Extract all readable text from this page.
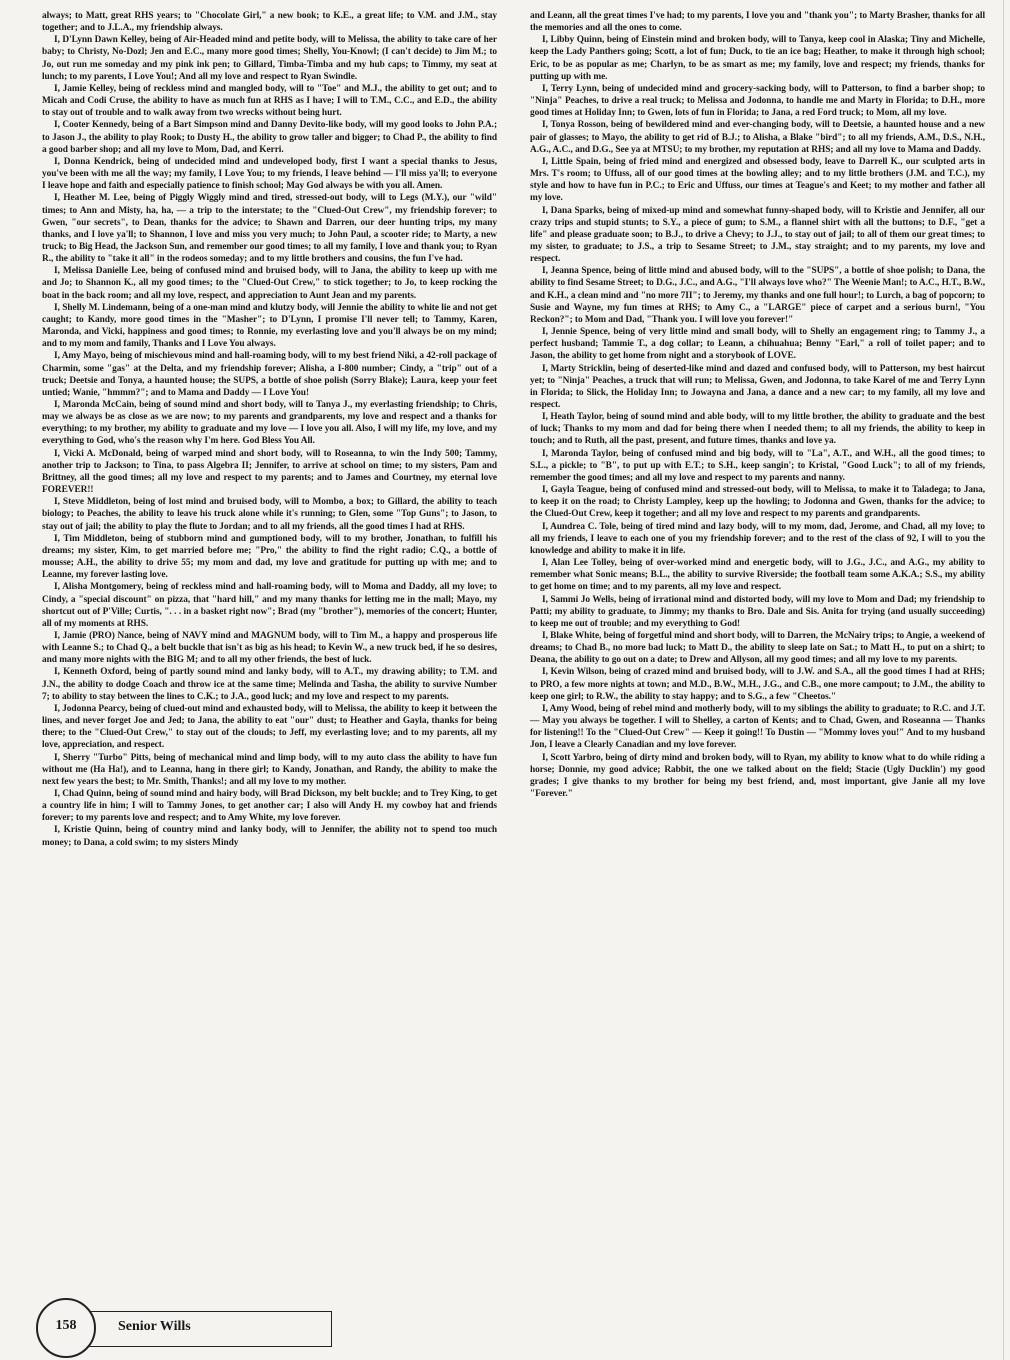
always; to Matt, great RHS years; to "Chocolate Girl," a new book; to K.E., a great life; to V.M. and J.M., stay together; and to J.L.A., my friendship always.

I, D'Lynn Dawn Kelley, being of Air-Headed mind and petite body, will to Melissa, the ability to take care of her baby; to Christy, No-Dozl; Jen and E.C., many more good times; Shelly, You-Knowl; (I can't decide) to Jim M.; to Jo, out run me someday and my pink ink pen; to Gillard, Timba-Timba and my hub caps; to Timmy, my seat at lunch; to my parents, I Love You!; And all my love and respect to Ryan Swindle.

I, Jamie Kelley, being of reckless mind and mangled body, will to "Toe" and M.J., the ability to get out; and to Micah and Codi Cruse, the ability to have as much fun at RHS as I have; I will to T.M., C.C., and E.D., the ability to stay out of trouble and to walk away from two wrecks without being hurt.

I, Cooter Kennedy, being of a Bart Simpson mind and Danny Devito-like body, will my good looks to John P.A.; to Jason J., the ability to play Rook; to Dusty H., the ability to grow taller and bigger; to Chad P., the ability to find a good barber shop; and all my love to Mom, Dad, and Kerri.

I, Donna Kendrick, being of undecided mind and undeveloped body, first I want a special thanks to Jesus, you've been with me all the way; my family, I Love You; to my friends, I leave behind — I'll miss ya'll; to everyone I leave hope and faith and especially patience to finish school; May God always be with you all. Amen.

I, Heather M. Lee, being of Piggly Wiggly mind and tired, stressed-out body, will to Legs (M.Y.), our "wild" times; to Ann and Misty, ha, ha, — a trip to the interstate; to the "Clued-Out Crew", my friendship forever; to Gwen, "our secrets", to Dean, thanks for the advice; to Shawn and Darren, our deer hunting trips, my many thanks, and I love ya'll; to Shannon, I love and miss you very much; to John Paul, a scooter ride; to Marty, a new truck; to Big Head, the Jackson Sun, and remember our good times; to all my family, I love and thank you; to Ryan R., the ability to "take it all" in the rodeos someday; and to my little brothers and cousins, the fun I've had.

I, Melissa Danielle Lee, being of confused mind and bruised body, will to Jana, the ability to keep up with me and Jo; to Shannon K., all my good times; to the "Clued-Out Crew," to stick together; to Jo, to keep rocking the boat in the back room; and all my love, respect, and appreciation to Aunt Jean and my parents.

I, Shelly M. Lindemann, being of a one-man mind and klutzy body, will Jennie the ability to white lie and not get caught; to Kandy, more good times in the "Masher"; to D'Lynn, I promise I'll never tell; to Tammy, Karen, Maronda, and Vicki, happiness and good times; to Ronnie, my everlasting love and you'll always be on my mind; and to my mom and family, Thanks and I Love You always.

I, Amy Mayo, being of mischievous mind and hall-roaming body, will to my best friend Niki, a 42-roll package of Charmin, some "gas" at the Delta, and my friendship forever; Alisha, a I-800 number; Cindy, a "trip" out of a truck; Deetsie and Tonya, a haunted house; the SUPS, a bottle of shoe polish (Sorry Blake); Laura, keep your feet untied; Wanie, "hmmm?"; and to Mama and Daddy — I Love You!

I, Maronda McCain, being of sound mind and short body, will to Tanya J., my everlasting friendship; to Chris, may we always be as close as we are now; to my parents and grandparents, my love and respect and a thanks for everything; to my brother, my ability to graduate and my love — I love you all. Also, I will my life, my love, and my everything to God, who's the reason why I'm here. God Bless You All.

I, Vicki A. McDonald, being of warped mind and short body, will to Roseanna, to win the Indy 500; Tammy, another trip to Jackson; to Tina, to pass Algebra II; Jennifer, to arrive at school on time; to my sisters, Pam and Brittney, all the good times; all my love and respect to my parents; and to James and Courtney, my eternal love FOREVER!!

I, Steve Middleton, being of lost mind and bruised body, will to Mombo, a box; to Gillard, the ability to teach biology; to Peaches, the ability to leave his truck alone while it's running; to Glen, some "Top Guns"; to Jason, to stay out of jail; the ability to play the flute to Jordan; and to all my friends, all the good times I had at RHS.

I, Tim Middleton, being of stubborn mind and gumptioned body, will to my brother, Jonathan, to fulfill his dreams; my sister, Kim, to get married before me; "Pro," the ability to find the right radio; C.Q., a bottle of mousse; A.H., the ability to drive 55; my mom and dad, my love and gratitude for putting up with me; and to Leanne, my forever lasting love.

I, Alisha Montgomery, being of reckless mind and hall-roaming body, will to Moma and Daddy, all my love; to Cindy, a "special discount" on pizza, that "hard hill," and my many thanks for letting me in the mall; Mayo, my shortcut out of P'Ville; Curtis, ". . . in a basket right now"; Brad (my "brother"), memories of the concert; Hunter, all of my moments at RHS.

I, Jamie (PRO) Nance, being of NAVY mind and MAGNUM body, will to Tim M., a happy and prosperous life with Leanne S.; to Chad Q., a belt buckle that isn't as big as his head; to Kevin W., a new truck bed, if he so desires, and many more nights with the BIG M; and to all my other friends, the best of luck.

I, Kenneth Oxford, being of partly sound mind and lanky body, will to A.T., my drawing ability; to T.M. and J.N., the ability to dodge Coach and throw ice at the same time; Melinda and Tasha, the ability to survive Number 7; to ability to stay between the lines to C.K.; to J.A., good luck; and my love and respect to my parents.

I, Jodonna Pearcy, being of clued-out mind and exhausted body, will to Melissa, the ability to keep it between the lines, and never forget Joe and Jed; to Jana, the ability to eat "our" dust; to Heather and Gayla, thanks for being there; to the "Clued-Out Crew," to stay out of the clouds; to Jeff, my everlasting love; and to my parents, all my love, appreciation, and respect.

I, Sherry "Turbo" Pitts, being of mechanical mind and limp body, will to my auto class the ability to have fun without me (Ha Ha!), and to Leanna, hang in there girl; to Kandy, Jonathan, and Randy, the ability to make the next few years the best; to Mr. Smith, Thanks!; and all my love to my mother.

I, Chad Quinn, being of sound mind and hairy body, will Brad Dickson, my belt buckle; and to Trey King, to get a country life in him; I will to Tammy Jones, to get another car; I also will Andy H. my cowboy hat and friends forever; to my parents love and respect; and to Amy White, my love forever.

I, Kristie Quinn, being of country mind and lanky body, will to Jennifer, the ability not to spend too much money; to Dana, a cold swim; to my sisters Mindy

and Leann, all the great times I've had; to my parents, I love you and "thank you"; to Marty Brasher, thanks for all the memories and all the ones to come.

I, Libby Quinn, being of Einstein mind and broken body, will to Tanya, keep cool in Alaska; Tiny and Michelle, keep the Lady Panthers going; Scott, a lot of fun; Duck, to tie an ice bag; Heather, to make it through high school; Eric, to be as popular as me; Charlyn, to be as smart as me; my family, love and respect; my friends, thanks for putting up with me.

I, Terry Lynn, being of undecided mind and grocery-sacking body, will to Patterson, to find a barber shop; to "Ninja" Peaches, to drive a real truck; to Melissa and Jodonna, to handle me and Marty in Florida; to D.H., more good times at Holiday Inn; to Gwen, lots of fun in Florida; to Jana, a red Ford truck; to Mom, all my love.

I, Tonya Rosson, being of bewildered mind and ever-changing body, will to Deetsie, a haunted house and a new pair of glasses; to Mayo, the ability to get rid of B.J.; to Alisha, a Blake "bird"; to all my friends, A.M., D.S., N.H., A.G., A.C., and D.G., See ya at MTSU; to my brother, my reputation at RHS; and all my love to Mama and Daddy.

I, Little Spain, being of fried mind and energized and obsessed body, leave to Darrell K., our sculpted arts in Mrs. T's room; to Uffuss, all of our good times at the bowling alley; and to my little brothers (J.M. and T.C.), my style and how to have fun in P.C.; to Eric and Uffuss, our times at Teague's and Keet; to my mother and father all my love.

I, Dana Sparks, being of mixed-up mind and somewhat funny-shaped body, will to Kristie and Jennifer, all our crazy trips and stupid stunts; to S.Y., a piece of gum; to S.M., a flannel shirt with all the buttons; to D.F., "get a life" and please graduate soon; to B.J., to drive a Chevy; to J.J., to stay out of jail; to all of them our great times; to my sister, to graduate; to J.S., a trip to Sesame Street; to J.M., stay straight; and to my parents, my love and respect.

I, Jeanna Spence, being of little mind and abused body, will to the "SUPS", a bottle of shoe polish; to Dana, the ability to find Sesame Street; to D.G., J.C., and A.G., "I'll always love who?" The Weenie Man!; to A.C., H.T., B.W., and K.H., a clean mind and "no more 7II"; to Jeremy, my thanks and one full hour!; to Lurch, a bag of popcorn; to Susie and Wayne, my fun times at RHS; to Amy C., a "LARGE" piece of carpet and a serious burn!, "You Reckon?"; to Mom and Dad, "Thank you. I will love you forever!"

I, Jennie Spence, being of very little mind and small body, will to Shelly an engagement ring; to Tammy J., a perfect husband; Tammie T., a dog collar; to Leann, a chihuahua; Benny "Earl," a roll of toilet paper; and to Jason, the ability to get home from night and a storybook of LOVE.

I, Marty Stricklin, being of deserted-like mind and dazed and confused body, will to Patterson, my best haircut yet; to "Ninja" Peaches, a truck that will run; to Melissa, Gwen, and Jodonna, to take Karel of me and Terry Lynn in Florida; to Slick, the Holiday Inn; to Jowayna and Jana, a dance and a new car; to my family, all my love and respect.

I, Heath Taylor, being of sound mind and able body, will to my little brother, the ability to graduate and the best of luck; Thanks to my mom and dad for being there when I needed them; to all my friends, the ability to keep in touch; and to Ruth, all the past, present, and future times, thanks and love ya.

I, Maronda Taylor, being of confused mind and big body, will to "La", A.T., and W.H., all the good times; to S.L., a pickle; to "B", to put up with E.T.; to S.H., keep sangin'; to Kristal, "Good Luck"; to all of my friends, remember the good times; and all my love and respect to my parents and nanny.

I, Gayla Teague, being of confused mind and stressed-out body, will to Melissa, to make it to Taladega; to Jana, to keep it on the road; to Christy Lampley, keep up the howling; to Jodonna and Gwen, thanks for the advice; to the Clued-Out Crew, keep it together; and all my love and respect to my parents and grandparents.

I, Aundrea C. Tole, being of tired mind and lazy body, will to my mom, dad, Jerome, and Chad, all my love; to all my friends, I leave to each one of you my friendship forever; and to the rest of the class of 92, I will to you the knowledge and ability to make it in life.

I, Alan Lee Tolley, being of over-worked mind and energetic body, will to J.G., J.C., and A.G., my ability to remember what Sonic means; B.L., the ability to survive Riverside; the football team some A.K.A.; S.S., my ability to get home on time; and to my parents, all my love and respect.

I, Sammi Jo Wells, being of irrational mind and distorted body, will my love to Mom and Dad; my friendship to Patti; my ability to graduate, to Jimmy; my thanks to Bro. Dale and Sis. Anita for trying (and usually succeeding) to keep me out of trouble; and my everything to God!

I, Blake White, being of forgetful mind and short body, will to Darren, the McNairy trips; to Angie, a weekend of dreams; to Chad B., no more bad luck; to Matt D., the ability to sleep late on Sat.; to Matt H., to put on a shirt; to Deana, the ability to go out on a date; to Drew and Allyson, all my good times; and all my love to my parents.

I, Kevin Wilson, being of crazed mind and bruised body, will to J.W. and S.A., all the good times I had at RHS; to PRO, a few more nights at town; and M.D., B.W., M.H., J.G., and C.B., one more campout; to J.M., the ability to keep one girl; to R.W., the ability to stay happy; and to S.G., a few "Cheetos."

I, Amy Wood, being of rebel mind and motherly body, will to my siblings the ability to graduate; to R.C. and J.T. — May you always be together. I will to Shelley, a carton of Kents; and to Chad, Gwen, and Roseanna — Thanks for listening!! To the "Clued-Out Crew" — Keep it going!! To Dustin — "Mommy loves you!" And to my husband Jon, I leave a Clearly Canadian and my love forever.

I, Scott Yarbro, being of dirty mind and broken body, will to Ryan, my ability to know what to do while riding a horse; Donnie, my good advice; Rabbit, the one we talked about on the field; Stacie (Ugly Ducklin') my good grades; I give thanks to my brother for being my best friend, and, most important, give Janie all my love "Forever."

158	Senior Wills
